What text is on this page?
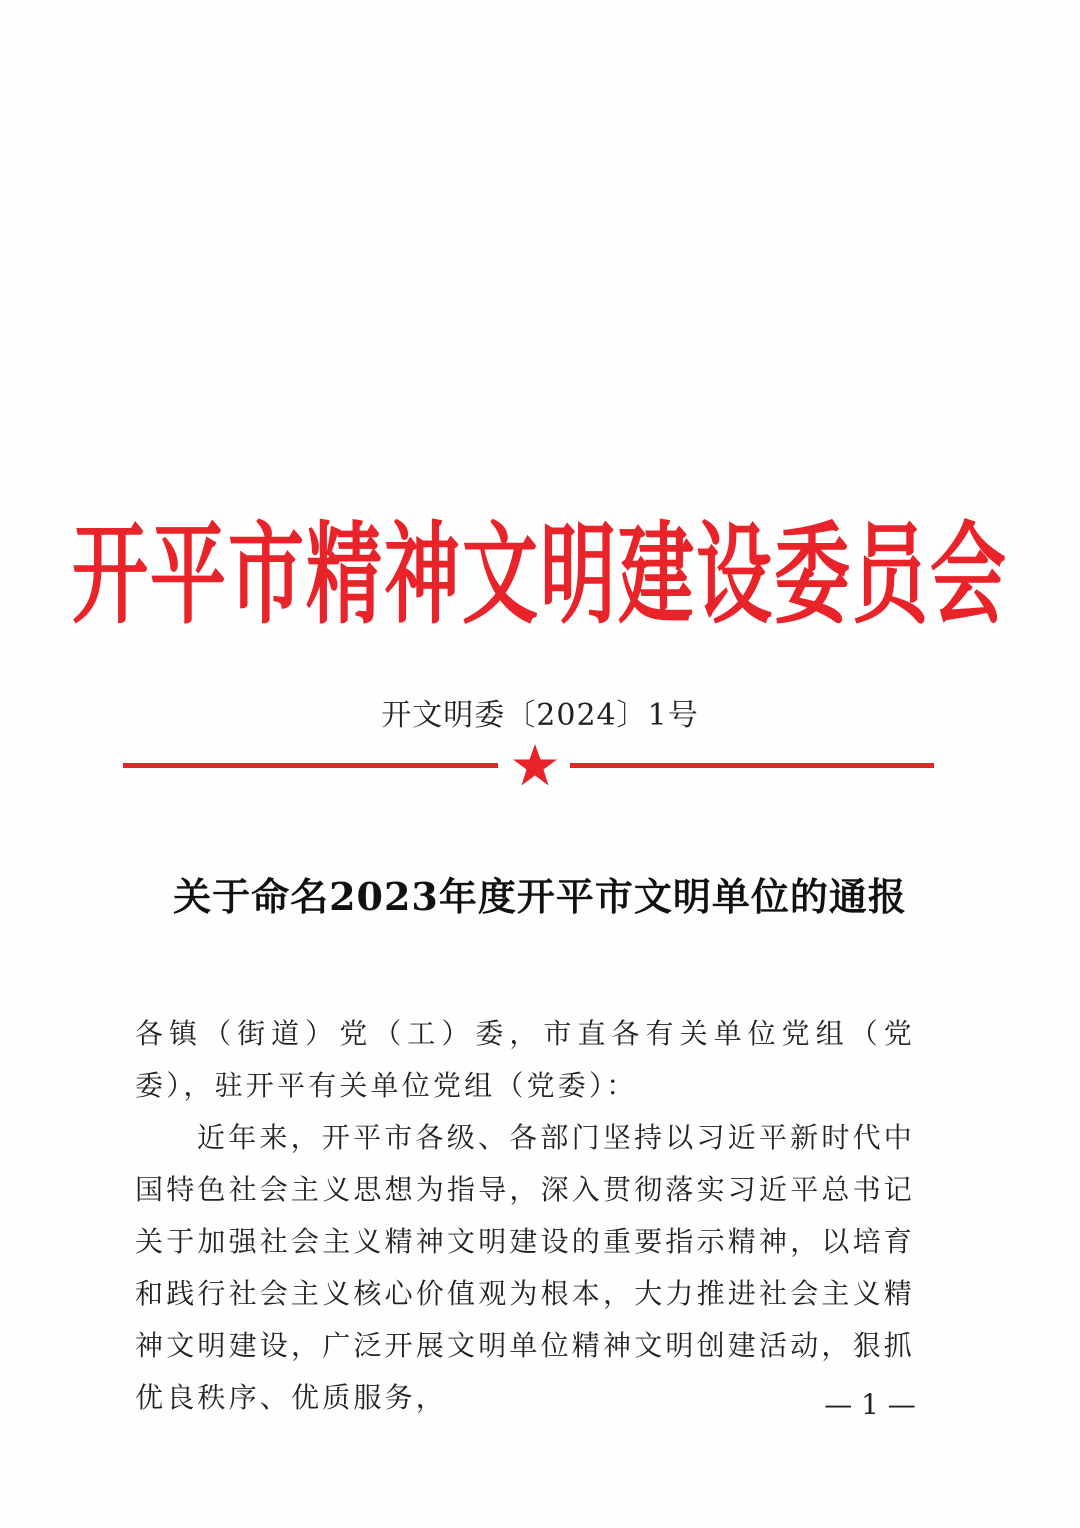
开平市精神文明建设委员会
开文明委〔2024〕1号
关于命名2023年度开平市文明单位的通报

各镇（街道）党（工）委，市直各有关单位党组（党委），驻开平有关单位党组（党委）：

近年来，开平市各级、各部门坚持以习近平新时代中国特色社会主义思想为指导，深入贯彻落实习近平总书记关于加强社会主义精神文明建设的重要指示精神，以培育和践行社会主义核心价值观为根本，大力推进社会主义精神文明建设，广泛开展文明单位精神文明创建活动，狠抓优良秩序、优质服务，	— 1 —
